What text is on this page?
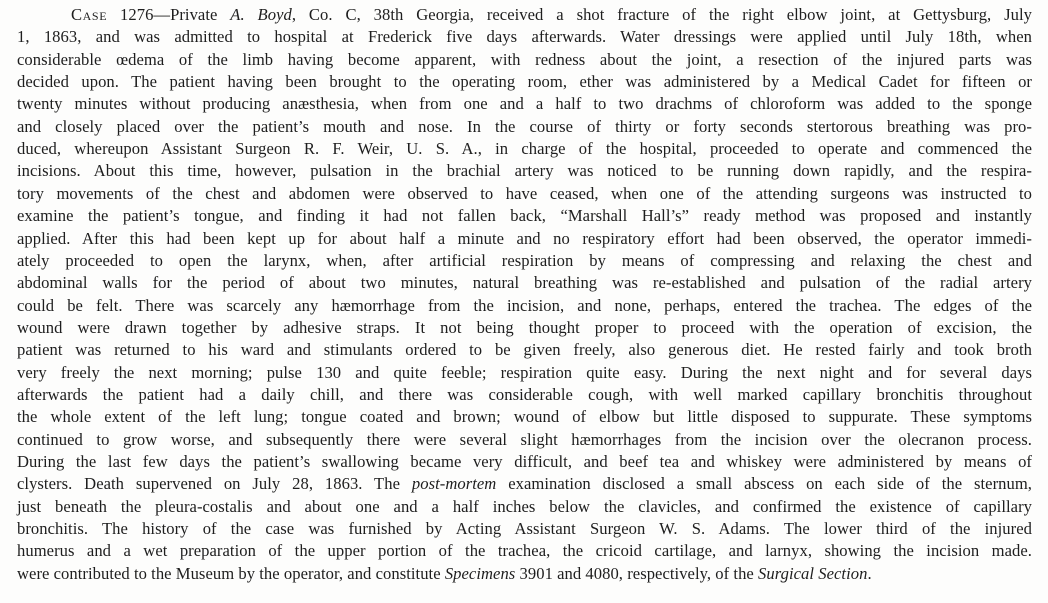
Case 1276—Private A. Boyd, Co. C, 38th Georgia, received a shot fracture of the right elbow joint, at Gettysburg, July
1, 1863, and was admitted to hospital at Frederick five days afterwards. Water dressings were applied until July 18th, when
considerable œdema of the limb having become apparent, with redness about the joint, a resection of the injured parts was
decided upon. The patient having been brought to the operating room, ether was administered by a Medical Cadet for fifteen or
twenty minutes without producing anæsthesia, when from one and a half to two drachms of chloroform was added to the sponge
and closely placed over the patient’s mouth and nose. In the course of thirty or forty seconds stertorous breathing was pro-
duced, whereupon Assistant Surgeon R. F. Weir, U. S. A., in charge of the hospital, proceeded to operate and commenced the
incisions. About this time, however, pulsation in the brachial artery was noticed to be running down rapidly, and the respira-
tory movements of the chest and abdomen were observed to have ceased, when one of the attending surgeons was instructed to
examine the patient’s tongue, and finding it had not fallen back, “Marshall Hall’s” ready method was proposed and instantly
applied. After this had been kept up for about half a minute and no respiratory effort had been observed, the operator immedi-
ately proceeded to open the larynx, when, after artificial respiration by means of compressing and relaxing the chest and
abdominal walls for the period of about two minutes, natural breathing was re-established and pulsation of the radial artery
could be felt. There was scarcely any hæmorrhage from the incision, and none, perhaps, entered the trachea. The edges of the
wound were drawn together by adhesive straps. It not being thought proper to proceed with the operation of excision, the
patient was returned to his ward and stimulants ordered to be given freely, also generous diet. He rested fairly and took broth
very freely the next morning; pulse 130 and quite feeble; respiration quite easy. During the next night and for several days
afterwards the patient had a daily chill, and there was considerable cough, with well marked capillary bronchitis throughout
the whole extent of the left lung; tongue coated and brown; wound of elbow but little disposed to suppurate. These symptoms
continued to grow worse, and subsequently there were several slight hæmorrhages from the incision over the olecranon process.
During the last few days the patient’s swallowing became very difficult, and beef tea and whiskey were administered by means of
clysters. Death supervened on July 28, 1863. The post-mortem examination disclosed a small abscess on each side of the sternum,
just beneath the pleura-costalis and about one and a half inches below the clavicles, and confirmed the existence of capillary
bronchitis. The history of the case was furnished by Acting Assistant Surgeon W. S. Adams. The lower third of the injured
humerus and a wet preparation of the upper portion of the trachea, the cricoid cartilage, and larnyx, showing the incision made.
were contributed to the Museum by the operator, and constitute Specimens 3901 and 4080, respectively, of the Surgical Section.
